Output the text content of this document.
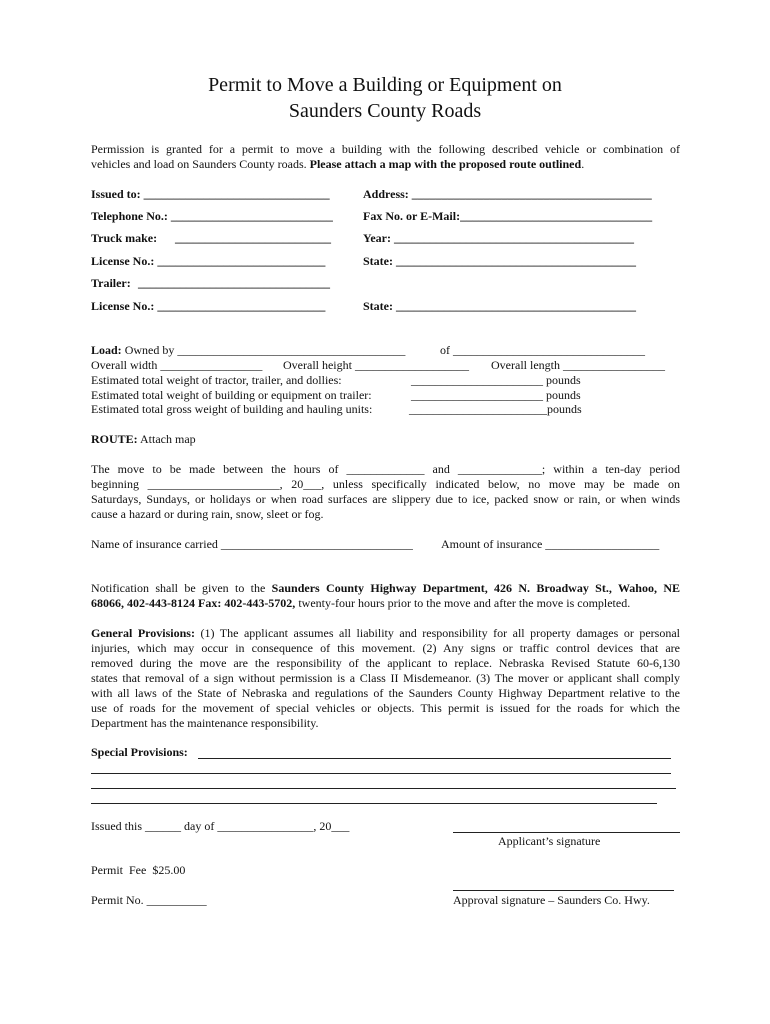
Permit to Move a Building or Equipment on
Saunders County Roads
Permission is granted for a permit to move a building with the following described vehicle or combination of
vehicles and load on Saunders County roads. Please attach a map with the proposed route outlined.
Issued to: _______________________________	Address: ________________________________________
Telephone No.: ___________________________	Fax No. or E-Mail:________________________________
Truck make: __________________________	Year: ________________________________________
License No.: ____________________________	State: ________________________________________
Trailer: ________________________________
License No.: ____________________________	State: ________________________________________
Load: Owned by ______________________________________	of ________________________________
Overall width _________________ Overall height ___________________ Overall length _________________
Estimated total weight of tractor, trailer, and dollies:	______________________ pounds
Estimated total weight of building or equipment on trailer:	______________________ pounds
Estimated total gross weight of building and hauling units:	_______________________pounds
ROUTE: Attach map
The move to be made between the hours of _____________ and ______________; within a ten-day period
beginning ______________________, 20___, unless specifically indicated below, no move may be made on
Saturdays, Sundays, or holidays or when road surfaces are slippery due to ice, packed snow or rain, or when winds
cause a hazard or during rain, snow, sleet or fog.
Name of insurance carried ________________________________ Amount of insurance ___________________
Notification shall be given to the Saunders County Highway Department, 426 N. Broadway St., Wahoo, NE
68066, 402-443-8124 Fax: 402-443-5702, twenty-four hours prior to the move and after the move is completed.
General Provisions: (1) The applicant assumes all liability and responsibility for all property damages or personal
injuries, which may occur in consequence of this movement. (2) Any signs or traffic control devices that are
removed during the move are the responsibility of the applicant to replace. Nebraska Revised Statute 60-6,130
states that removal of a sign without permission is a Class II Misdemeanor. (3) The mover or applicant shall comply
with all laws of the State of Nebraska and regulations of the Saunders County Highway Department relative to the
use of roads for the movement of special vehicles or objects. This permit is issued for the roads for which the
Department has the maintenance responsibility.
Special Provisions:
Issued this ______ day of ________________, 20___
Applicant’s signature
Permit Fee $25.00
Permit No. __________	Approval signature – Saunders Co. Hwy.
